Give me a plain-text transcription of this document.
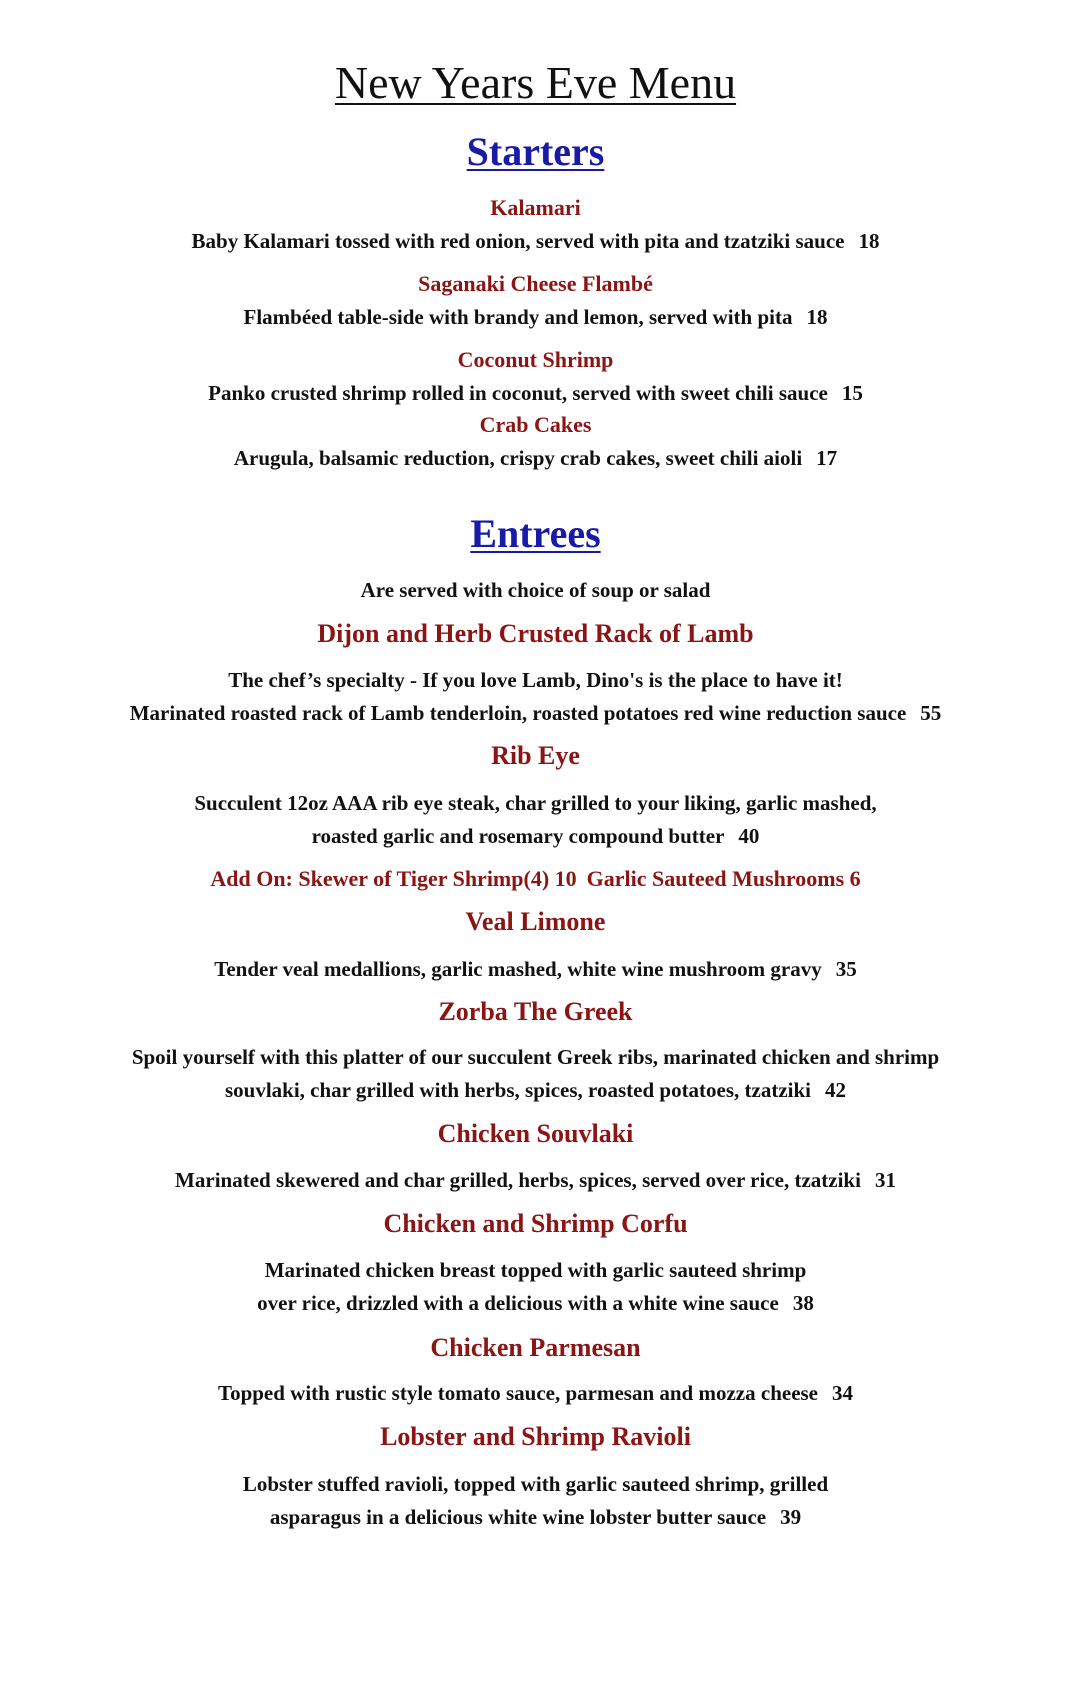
New Years Eve Menu
Starters
Kalamari
Baby Kalamari tossed with red onion, served with pita and tzatziki sauce 18
Saganaki Cheese Flambé
Flambéed table-side with brandy and lemon, served with pita 18
Coconut Shrimp
Panko crusted shrimp rolled in coconut, served with sweet chili sauce 15
Crab Cakes
Arugula, balsamic reduction, crispy crab cakes, sweet chili aioli 17
Entrees
Are served with choice of soup or salad
Dijon and Herb Crusted Rack of Lamb
The chef’s specialty - If you love Lamb, Dino's is the place to have it!
Marinated roasted rack of Lamb tenderloin, roasted potatoes red wine reduction sauce 55
Rib Eye
Succulent 12oz AAA rib eye steak, char grilled to your liking, garlic mashed,
roasted garlic and rosemary compound butter 40
Add On: Skewer of Tiger Shrimp(4) 10 Garlic Sauteed Mushrooms 6
Veal Limone
Tender veal medallions, garlic mashed, white wine mushroom gravy 35
Zorba The Greek
Spoil yourself with this platter of our succulent Greek ribs, marinated chicken and shrimp
souvlaki, char grilled with herbs, spices, roasted potatoes, tzatziki 42
Chicken Souvlaki
Marinated skewered and char grilled, herbs, spices, served over rice, tzatziki 31
Chicken and Shrimp Corfu
Marinated chicken breast topped with garlic sauteed shrimp
over rice, drizzled with a delicious with a white wine sauce 38
Chicken Parmesan
Topped with rustic style tomato sauce, parmesan and mozza cheese 34
Lobster and Shrimp Ravioli
Lobster stuffed ravioli, topped with garlic sauteed shrimp, grilled
asparagus in a delicious white wine lobster butter sauce 39
